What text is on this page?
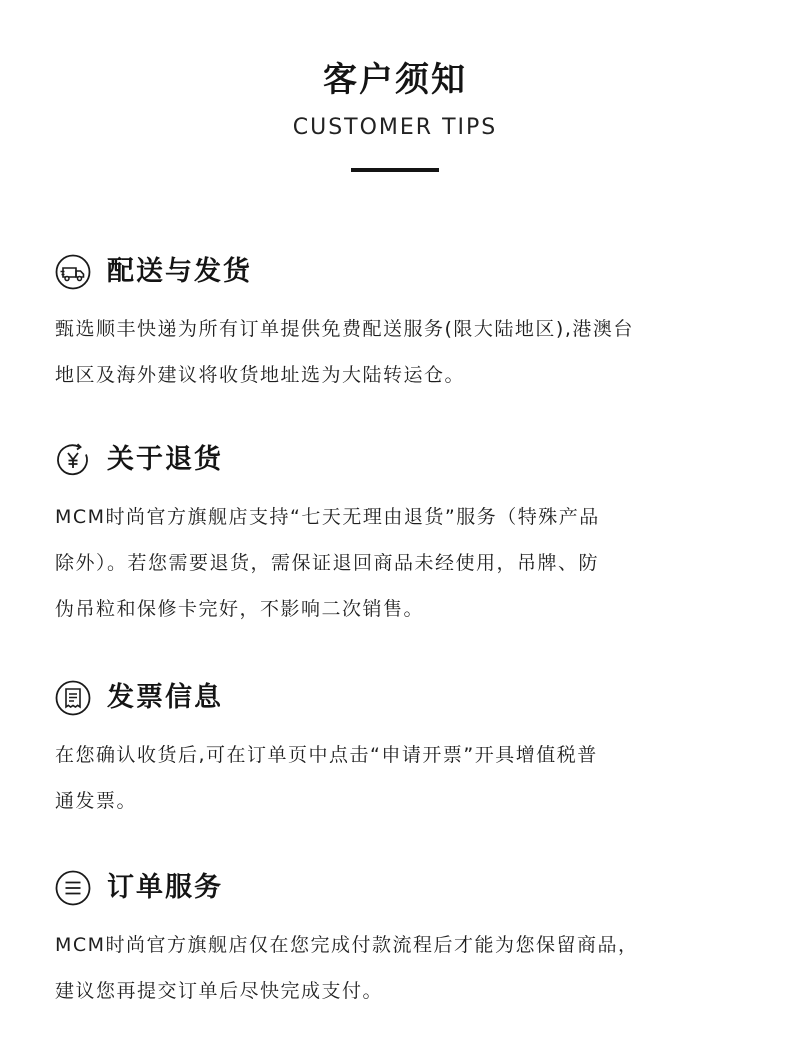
客户须知
CUSTOMER TIPS
配送与发货

甄选顺丰快递为所有订单提供免费配送服务(限大陆地区),港澳台

地区及海外建议将收货地址选为大陆转运仓。

关于退货

MCM时尚官方旗舰店支持“七天无理由退货”服务（特殊产品

除外）。若您需要退货，需保证退回商品未经使用，吊牌、防

伪吊粒和保修卡完好，不影响二次销售。

发票信息

在您确认收货后,可在订单页中点击“申请开票”开具增值税普

通发票。

订单服务

MCM时尚官方旗舰店仅在您完成付款流程后才能为您保留商品，

建议您再提交订单后尽快完成支付。
